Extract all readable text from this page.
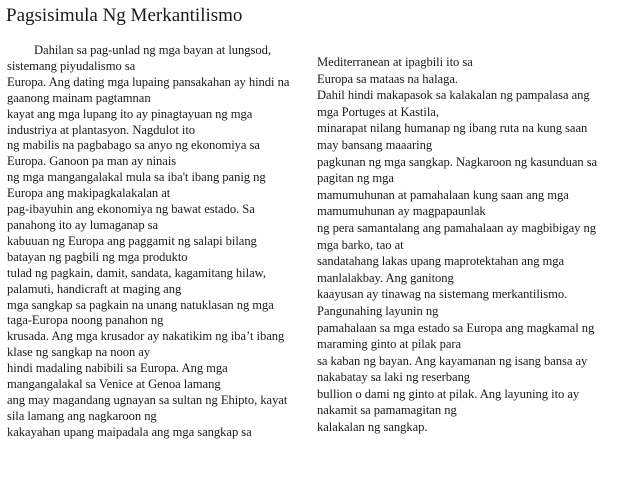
Pagsisimula Ng Merkantilismo
Dahilan sa pag-unlad ng mga bayan at lungsod,
sistemang piyudalismo sa
Europa. Ang dating mga lupaing pansakahan ay hindi na
gaanong mainam pagtamnan
kayat ang mga lupang ito ay pinagtayuan ng mga
industriya at plantasyon. Nagdulot ito
ng mabilis na pagbabago sa anyo ng ekonomiya sa
Europa. Ganoon pa man ay ninais
ng mga mangangalakal mula sa iba't ibang panig ng
Europa ang makipagkalakalan at
pag-ibayuhin ang ekonomiya ng bawat estado. Sa
panahong ito ay lumaganap sa
kabuuan ng Europa ang paggamit ng salapi bilang
batayan ng pagbili ng mga produkto
tulad ng pagkain, damit, sandata, kagamitang hilaw,
palamuti, handicraft at maging ang
mga sangkap sa pagkain na unang natuklasan ng mga
taga-Europa noong panahon ng
krusada. Ang mga krusador ay nakatikim ng iba’t ibang
klase ng sangkap na noon ay
hindi madaling nabibili sa Europa. Ang mga
mangangalakal sa Venice at Genoa lamang
ang may magandang ugnayan sa sultan ng Ehipto, kayat
sila lamang ang nagkaroon ng
kakayahan upang maipadala ang mga sangkap sa
Mediterranean at ipagbili ito sa
Europa sa mataas na halaga.
Dahil hindi makapasok sa kalakalan ng pampalasa ang
mga Portuges at Kastila,
minarapat nilang humanap ng ibang ruta na kung saan
may bansang maaaring
pagkunan ng mga sangkap. Nagkaroon ng kasunduan sa
pagitan ng mga
mamumuhunan at pamahalaan kung saan ang mga
mamumuhunan ay magpapaunlak
ng pera samantalang ang pamahalaan ay magbibigay ng
mga barko, tao at
sandatahang lakas upang maprotektahan ang mga
manlalakbay. Ang ganitong
kaayusan ay tinawag na sistemang merkantilismo.
Pangunahing layunin ng
pamahalaan sa mga estado sa Europa ang magkamal ng
maraming ginto at pilak para
sa kaban ng bayan. Ang kayamanan ng isang bansa ay
nakabatay sa laki ng reserbang
bullion o dami ng ginto at pilak. Ang layuning ito ay
nakamit sa pamamagitan ng
kalakalan ng sangkap.
